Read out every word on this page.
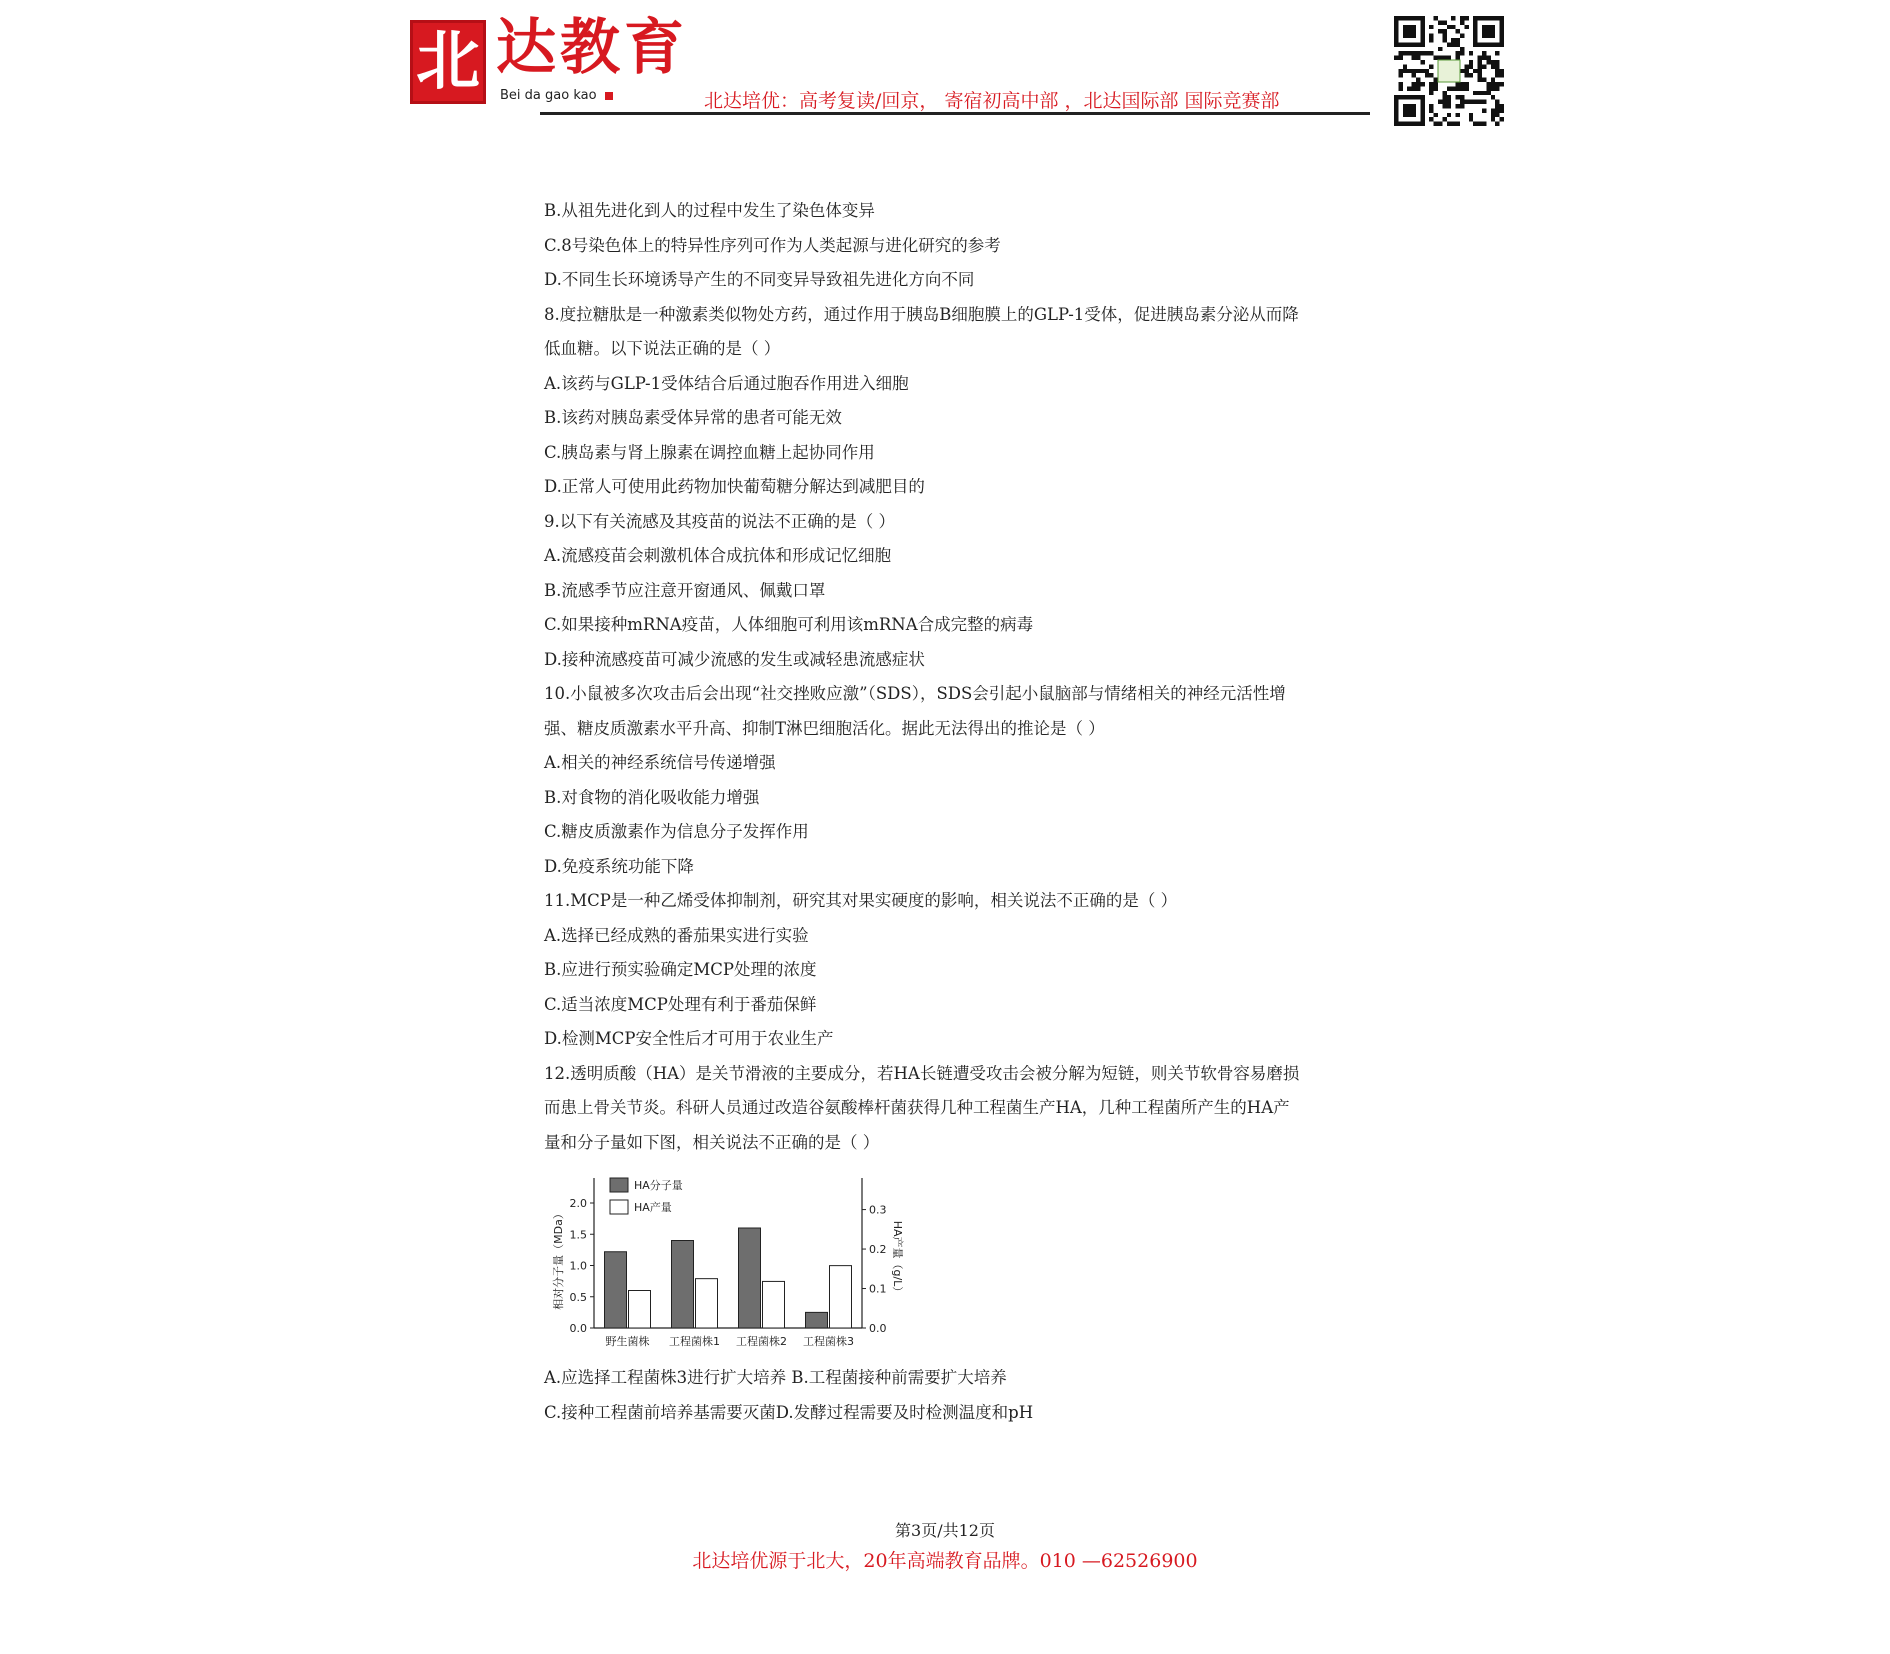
北 达教育
Bei da gao kao	北达培优：高考复读/回京， 寄宿初高中部 ，北达国际部 国际竞赛部
B.从祖先进化到人的过程中发生了染色体变异
C.8号染色体上的特异性序列可作为人类起源与进化研究的参考
D.不同生长环境诱导产生的不同变异导致祖先进化方向不同
8.度拉糖肽是一种激素类似物处方药，通过作用于胰岛B细胞膜上的GLP-1受体，促进胰岛素分泌从而降
低血糖。以下说法正确的是（ ）
A.该药与GLP-1受体结合后通过胞吞作用进入细胞
B.该药对胰岛素受体异常的患者可能无效
C.胰岛素与肾上腺素在调控血糖上起协同作用
D.正常人可使用此药物加快葡萄糖分解达到减肥目的
9.以下有关流感及其疫苗的说法不正确的是（ ）
A.流感疫苗会刺激机体合成抗体和形成记忆细胞
B.流感季节应注意开窗通风、佩戴口罩
C.如果接种mRNA疫苗，人体细胞可利用该mRNA合成完整的病毒
D.接种流感疫苗可减少流感的发生或减轻患流感症状
10.小鼠被多次攻击后会出现“社交挫败应激”（SDS），SDS会引起小鼠脑部与情绪相关的神经元活性增
强、糖皮质激素水平升高、抑制T淋巴细胞活化。据此无法得出的推论是（ ）
A.相关的神经系统信号传递增强
B.对食物的消化吸收能力增强
C.糖皮质激素作为信息分子发挥作用
D.免疫系统功能下降
11.MCP是一种乙烯受体抑制剂，研究其对果实硬度的影响，相关说法不正确的是（ ）
A.选择已经成熟的番茄果实进行实验
B.应进行预实验确定MCP处理的浓度
C.适当浓度MCP处理有利于番茄保鲜
D.检测MCP安全性后才可用于农业生产
12.透明质酸（HA）是关节滑液的主要成分，若HA长链遭受攻击会被分解为短链，则关节软骨容易磨损
而患上骨关节炎。科研人员通过改造谷氨酸棒杆菌获得几种工程菌生产HA，几种工程菌所产生的HA产
量和分子量如下图，相关说法不正确的是（ ）
0.0
0.5
1.0
1.5
2.0
0.0
0.1
0.2
0.3
相对分子量（MDa）	HA产量（g/L）
野生菌株 工程菌株1 工程菌株2 工程菌株3
HA分子量
HA产量
A.应选择工程菌株3进行扩大培养 B.工程菌接种前需要扩大培养
C.接种工程菌前培养基需要灭菌D.发酵过程需要及时检测温度和pH
第3页/共12页
北达培优源于北大，20年高端教育品牌。010 —62526900
